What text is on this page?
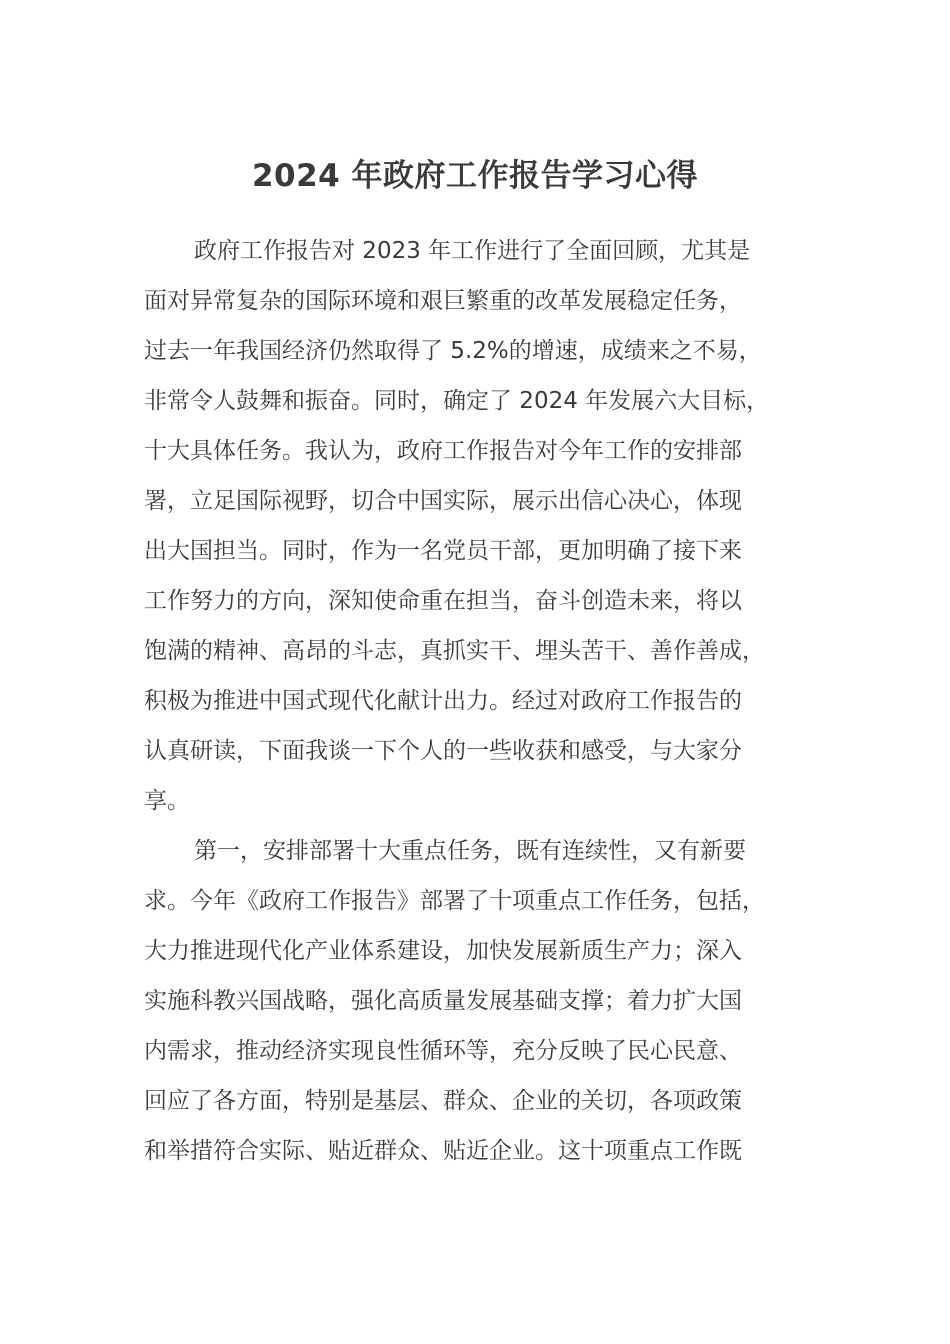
2024 年政府工作报告学习心得
政府工作报告对 2023 年工作进行了全面回顾，尤其是
面对异常复杂的国际环境和艰巨繁重的改革发展稳定任务，
过去一年我国经济仍然取得了 5.2%的增速，成绩来之不易，
非常令人鼓舞和振奋。同时，确定了 2024 年发展六大目标，
十大具体任务。我认为，政府工作报告对今年工作的安排部
署，立足国际视野，切合中国实际，展示出信心决心，体现
出大国担当。同时，作为一名党员干部，更加明确了接下来
工作努力的方向，深知使命重在担当，奋斗创造未来，将以
饱满的精神、高昂的斗志，真抓实干、埋头苦干、善作善成，
积极为推进中国式现代化献计出力。经过对政府工作报告的
认真研读，下面我谈一下个人的一些收获和感受，与大家分
享。
第一，安排部署十大重点任务，既有连续性，又有新要
求。今年《政府工作报告》部署了十项重点工作任务，包括，
大力推进现代化产业体系建设，加快发展新质生产力；深入
实施科教兴国战略，强化高质量发展基础支撑；着力扩大国
内需求，推动经济实现良性循环等，充分反映了民心民意、
回应了各方面，特别是基层、群众、企业的关切，各项政策
和举措符合实际、贴近群众、贴近企业。这十项重点工作既
